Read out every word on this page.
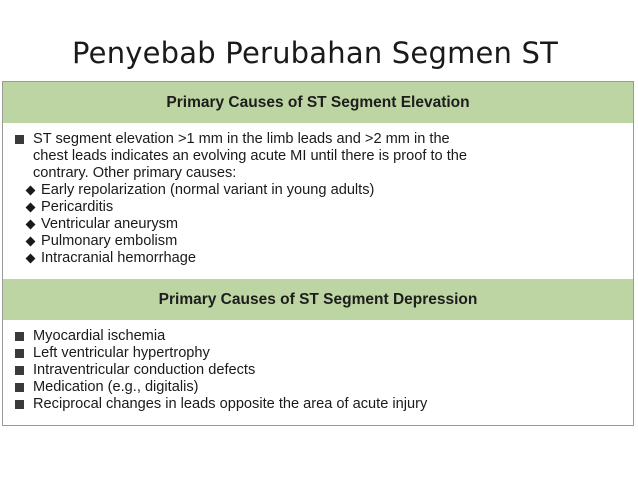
Penyebab Perubahan Segmen ST
Primary Causes of ST Segment Elevation
ST segment elevation >1 mm in the limb leads and >2 mm in the
chest leads indicates an evolving acute MI until there is proof to the
contrary. Other primary causes:
Early repolarization (normal variant in young adults)
Pericarditis
Ventricular aneurysm
Pulmonary embolism
Intracranial hemorrhage
Primary Causes of ST Segment Depression
Myocardial ischemia
Left ventricular hypertrophy
Intraventricular conduction defects
Medication (e.g., digitalis)
Reciprocal changes in leads opposite the area of acute injury
